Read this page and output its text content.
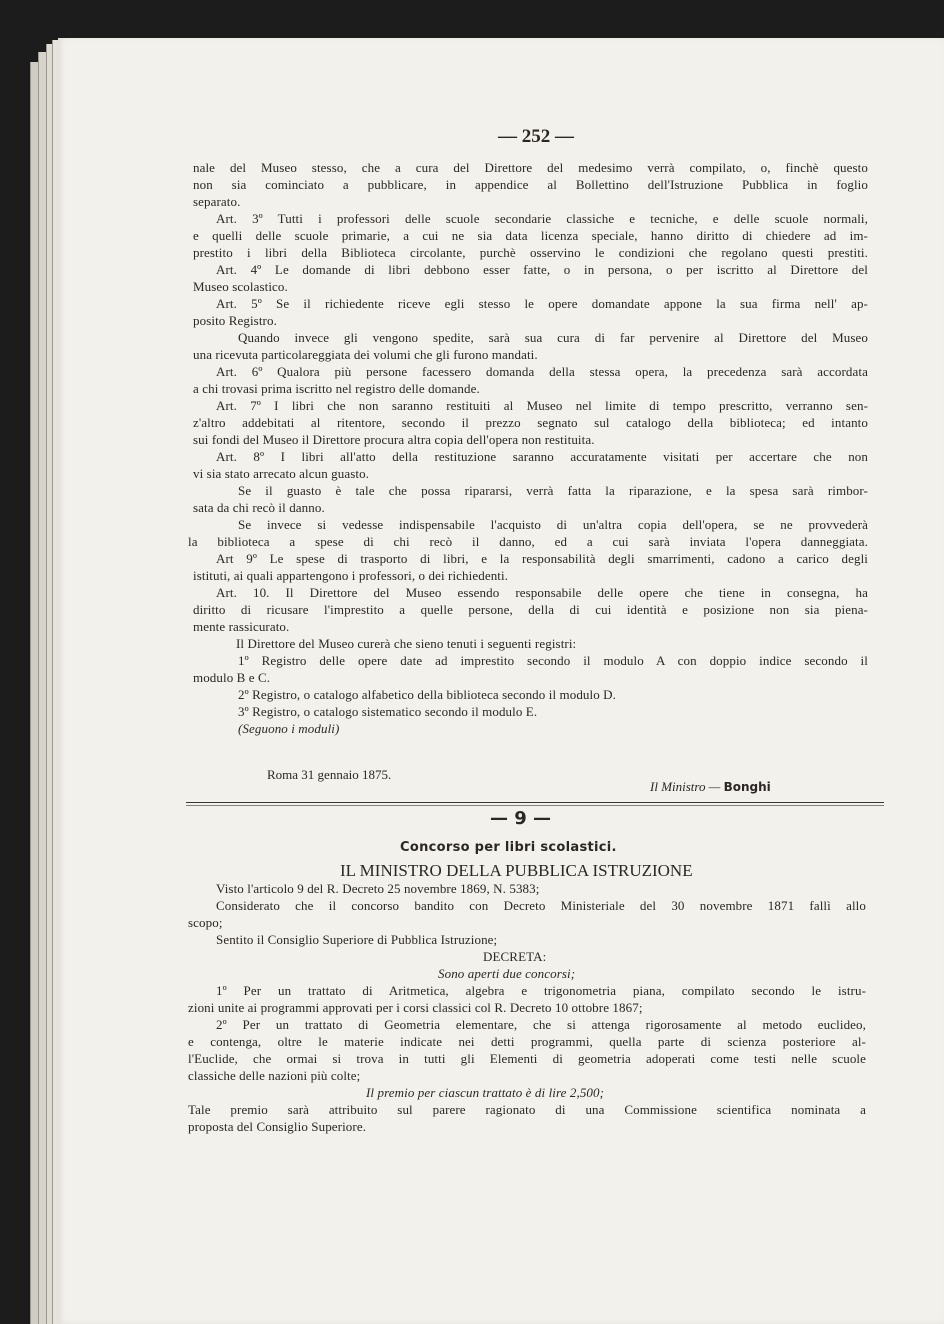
— 252 —
nale del Museo stesso, che a cura del Direttore del medesimo verrà compilato, o, finchè questo
non sia cominciato a pubblicare, in appendice al Bollettino dell'Istruzione Pubblica in foglio
separato.
Art. 3º Tutti i professori delle scuole secondarie classiche e tecniche, e delle scuole normali,
e quelli delle scuole primarie, a cui ne sia data licenza speciale, hanno diritto di chiedere ad im-
prestito i libri della Biblioteca circolante, purchè osservino le condizioni che regolano questi prestiti.
Art. 4º Le domande di libri debbono esser fatte, o in persona, o per iscritto al Direttore del
Museo scolastico.
Art. 5º Se il richiedente riceve egli stesso le opere domandate appone la sua firma nell' ap-
posito Registro.
Quando invece gli vengono spedite, sarà sua cura di far pervenire al Direttore del Museo
una ricevuta particolareggiata dei volumi che gli furono mandati.
Art. 6º Qualora più persone facessero domanda della stessa opera, la precedenza sarà accordata
a chi trovasi prima iscritto nel registro delle domande.
Art. 7º I libri che non saranno restituiti al Museo nel limite di tempo prescritto, verranno sen-
z'altro addebitati al ritentore, secondo il prezzo segnato sul catalogo della biblioteca; ed intanto
sui fondi del Museo il Direttore procura altra copia dell'opera non restituita.
Art. 8º I libri all'atto della restituzione saranno accuratamente visitati per accertare che non
vi sia stato arrecato alcun guasto.
Se il guasto è tale che possa ripararsi, verrà fatta la riparazione, e la spesa sarà rimbor-
sata da chi recò il danno.
Se invece si vedesse indispensabile l'acquisto di un'altra copia dell'opera, se ne provvederà
la biblioteca a spese di chi recò il danno, ed a cui sarà inviata l'opera danneggiata.
Art 9º Le spese di trasporto di libri, e la responsabilità degli smarrimenti, cadono a carico degli
istituti, ai quali appartengono i professori, o dei richiedenti.
Art. 10. Il Direttore del Museo essendo responsabile delle opere che tiene in consegna, ha
diritto di ricusare l'imprestito a quelle persone, della di cui identità e posizione non sia piena-
mente rassicurato.
Il Direttore del Museo curerà che sieno tenuti i seguenti registri:
1º Registro delle opere date ad imprestito secondo il modulo A con doppio indice secondo il
modulo B e C.
2º Registro, o catalogo alfabetico della biblioteca secondo il modulo D.
3º Registro, o catalogo sistematico secondo il modulo E.
(Seguono i moduli)
Roma 31 gennaio 1875.
Il Ministro — Bonghi
— 9 —
Concorso per libri scolastici.
IL MINISTRO DELLA PUBBLICA ISTRUZIONE
Visto l'articolo 9 del R. Decreto 25 novembre 1869, N. 5383;
Considerato che il concorso bandito con Decreto Ministeriale del 30 novembre 1871 fallì allo
scopo;
Sentito il Consiglio Superiore di Pubblica Istruzione;
DECRETA:
Sono aperti due concorsi;
1º Per un trattato di Aritmetica, algebra e trigonometria piana, compilato secondo le istru-
zioni unite ai programmi approvati per i corsi classici col R. Decreto 10 ottobre 1867;
2º Per un trattato di Geometria elementare, che si attenga rigorosamente al metodo euclideo,
e contenga, oltre le materie indicate nei detti programmi, quella parte di scienza posteriore al-
l'Euclide, che ormai si trova in tutti gli Elementi di geometria adoperati come testi nelle scuole
classiche delle nazioni più colte;
Il premio per ciascun trattato è di lire 2,500;
Tale premio sarà attribuito sul parere ragionato di una Commissione scientifica nominata a
proposta del Consiglio Superiore.
